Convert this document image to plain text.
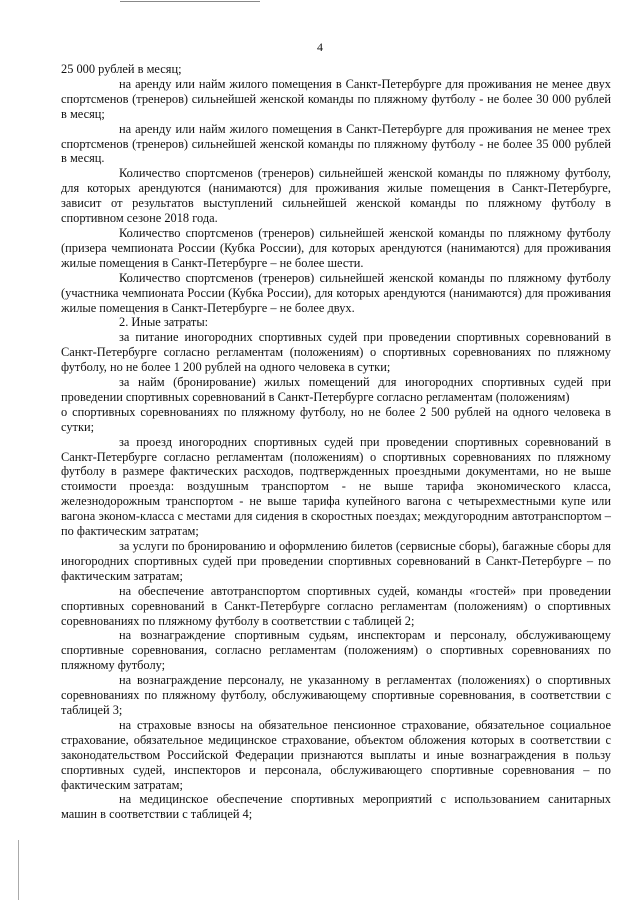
4

25 000 рублей в месяц;

на аренду или найм жилого помещения в Санкт-Петербурге для проживания не менее двух спортсменов (тренеров) сильнейшей женской команды по пляжному футболу - не более 30 000 рублей в месяц;

на аренду или найм жилого помещения в Санкт-Петербурге для проживания не менее трех спортсменов (тренеров) сильнейшей женской команды по пляжному футболу - не более 35 000 рублей в месяц.

Количество спортсменов (тренеров) сильнейшей женской команды по пляжному футболу, для которых арендуются (нанимаются) для проживания жилые помещения в Санкт-Петербурге, зависит от результатов выступлений сильнейшей женской команды по пляжному футболу в спортивном сезоне 2018 года.

Количество спортсменов (тренеров) сильнейшей женской команды по пляжному футболу (призера чемпионата России (Кубка России), для которых арендуются (нанимаются) для проживания жилые помещения в Санкт-Петербурге – не более шести.

Количество спортсменов (тренеров) сильнейшей женской команды по пляжному футболу (участника чемпионата России (Кубка России), для которых арендуются (нанимаются) для проживания жилые помещения в Санкт-Петербурге – не более двух.

2. Иные затраты:

за питание иногородних спортивных судей при проведении спортивных соревнований в Санкт-Петербурге согласно регламентам (положениям) о спортивных соревнованиях по пляжному футболу, но не более 1 200 рублей на одного человека в сутки;

за найм (бронирование) жилых помещений для иногородних спортивных судей при проведении спортивных соревнований в Санкт-Петербурге согласно регламентам (положениям)

о спортивных соревнованиях по пляжному футболу, но не более 2 500 рублей на одного человека в сутки;

за проезд иногородних спортивных судей при проведении спортивных соревнований в Санкт-Петербурге согласно регламентам (положениям) о спортивных соревнованиях по пляжному футболу в размере фактических расходов, подтвержденных проездными документами, но не выше стоимости проезда: воздушным транспортом - не выше тарифа экономического класса, железнодорожным транспортом - не выше тарифа купейного вагона с четырехместными купе или вагона эконом-класса с местами для сидения в скоростных поездах; междугородним автотранспортом – по фактическим затратам;

за услуги по бронированию и оформлению билетов (сервисные сборы), багажные сборы для иногородних спортивных судей при проведении спортивных соревнований в Санкт-Петербурге – по фактическим затратам;

на обеспечение автотранспортом спортивных судей, команды «гостей» при проведении спортивных соревнований в Санкт-Петербурге согласно регламентам (положениям) о спортивных соревнованиях по пляжному футболу в соответствии с таблицей 2;

на вознаграждение спортивным судьям, инспекторам и персоналу, обслуживающему спортивные соревнования, согласно регламентам (положениям) о спортивных соревнованиях по пляжному футболу;

на вознаграждение персоналу, не указанному в регламентах (положениях) о спортивных соревнованиях по пляжному футболу, обслуживающему спортивные соревнования, в соответствии с таблицей 3;

на страховые взносы на обязательное пенсионное страхование, обязательное социальное страхование, обязательное медицинское страхование, объектом обложения которых в соответствии с законодательством Российской Федерации признаются выплаты и иные вознаграждения в пользу спортивных судей, инспекторов и персонала, обслуживающего спортивные соревнования – по фактическим затратам;

на медицинское обеспечение спортивных мероприятий с использованием санитарных машин в соответствии с таблицей 4;
